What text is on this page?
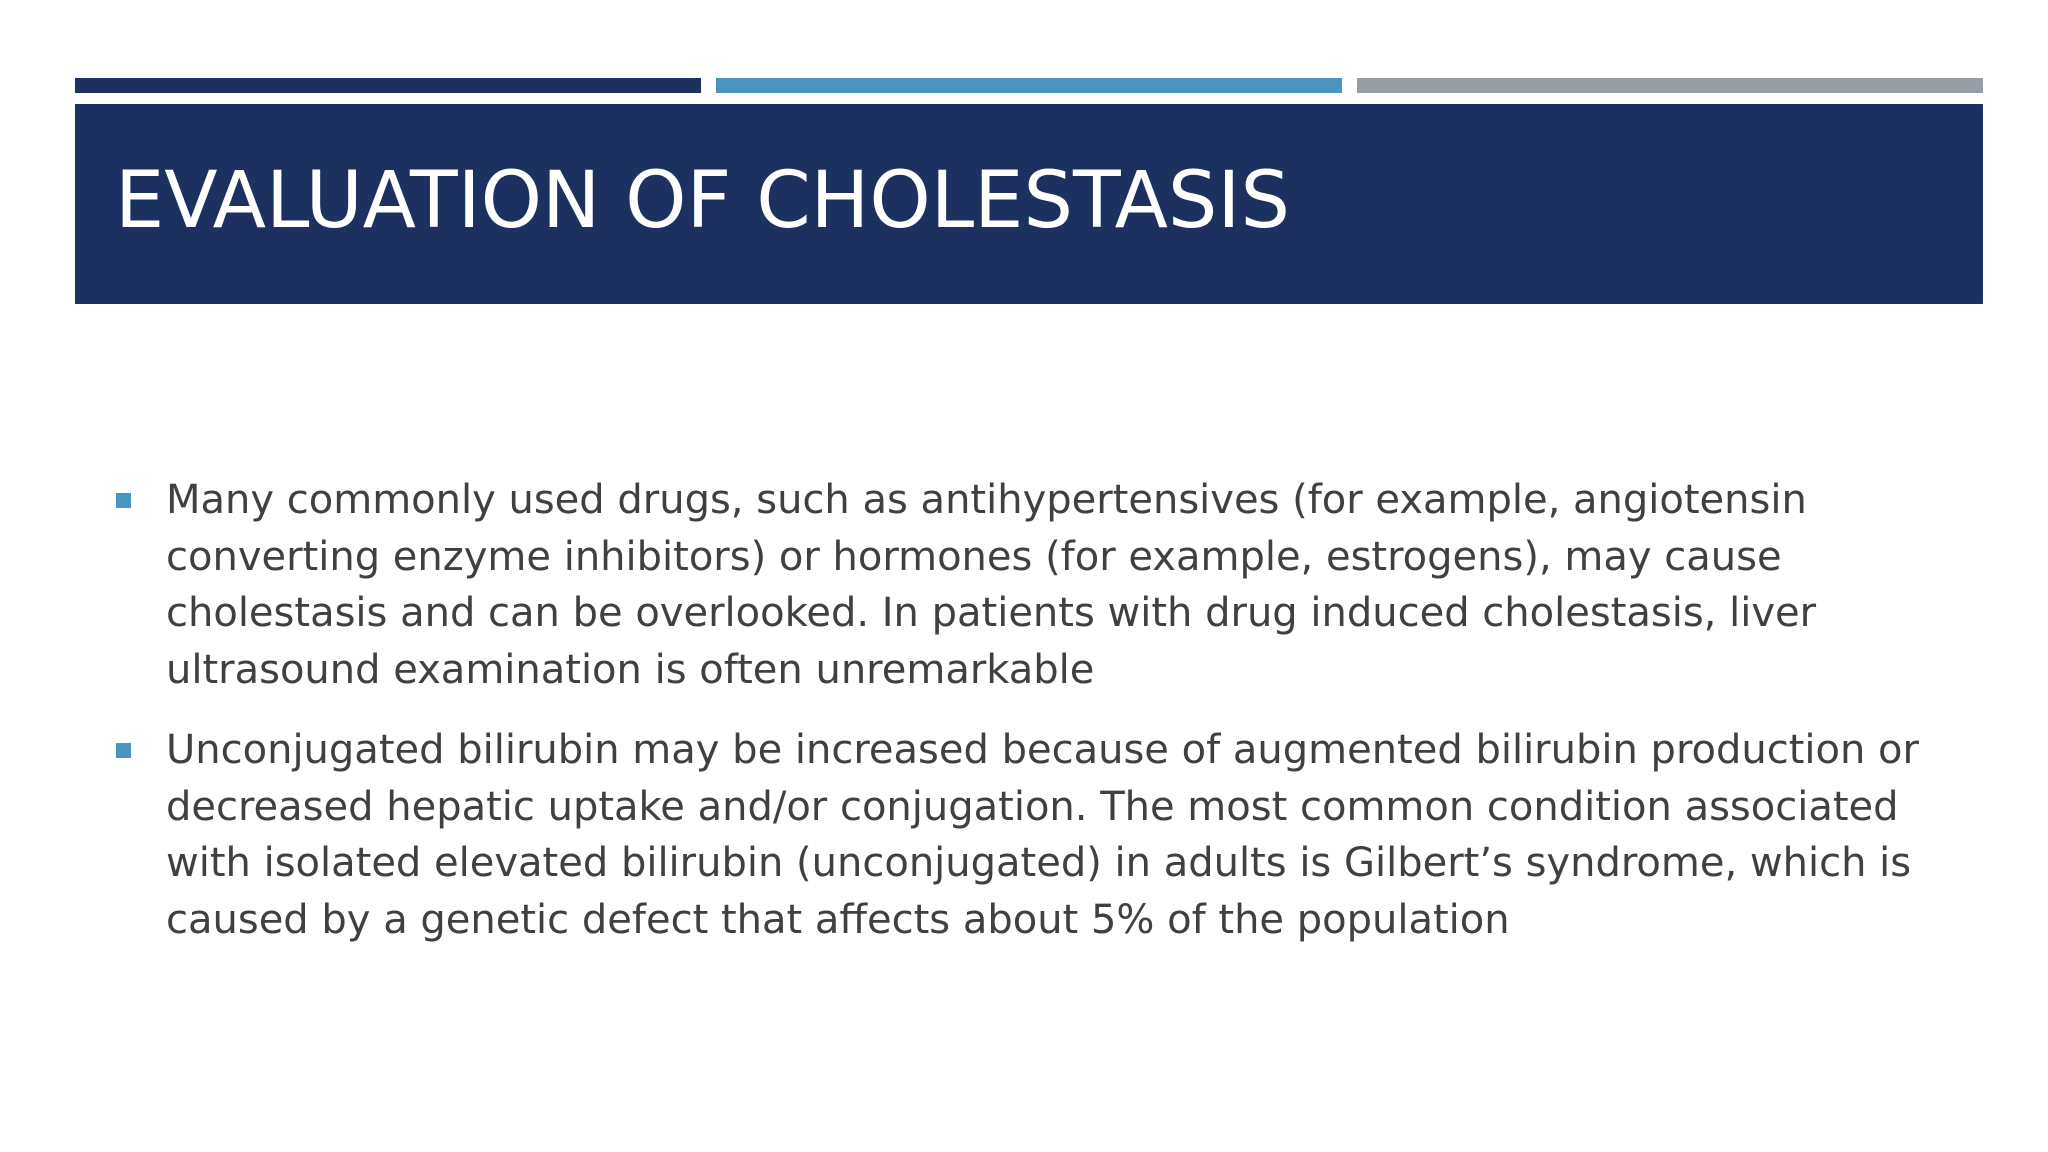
EVALUATION OF CHOLESTASIS
Many commonly used drugs, such as antihypertensives (for example, angiotensin converting enzyme inhibitors) or hormones (for example, estrogens), may cause cholestasis and can be overlooked. In patients with drug induced cholestasis, liver ultrasound examination is often unremarkable
Unconjugated bilirubin may be increased because of augmented bilirubin production or decreased hepatic uptake and/or conjugation. The most common condition associated with isolated elevated bilirubin (unconjugated) in adults is Gilbert’s syndrome, which is caused by a genetic defect that affects about 5% of the population
